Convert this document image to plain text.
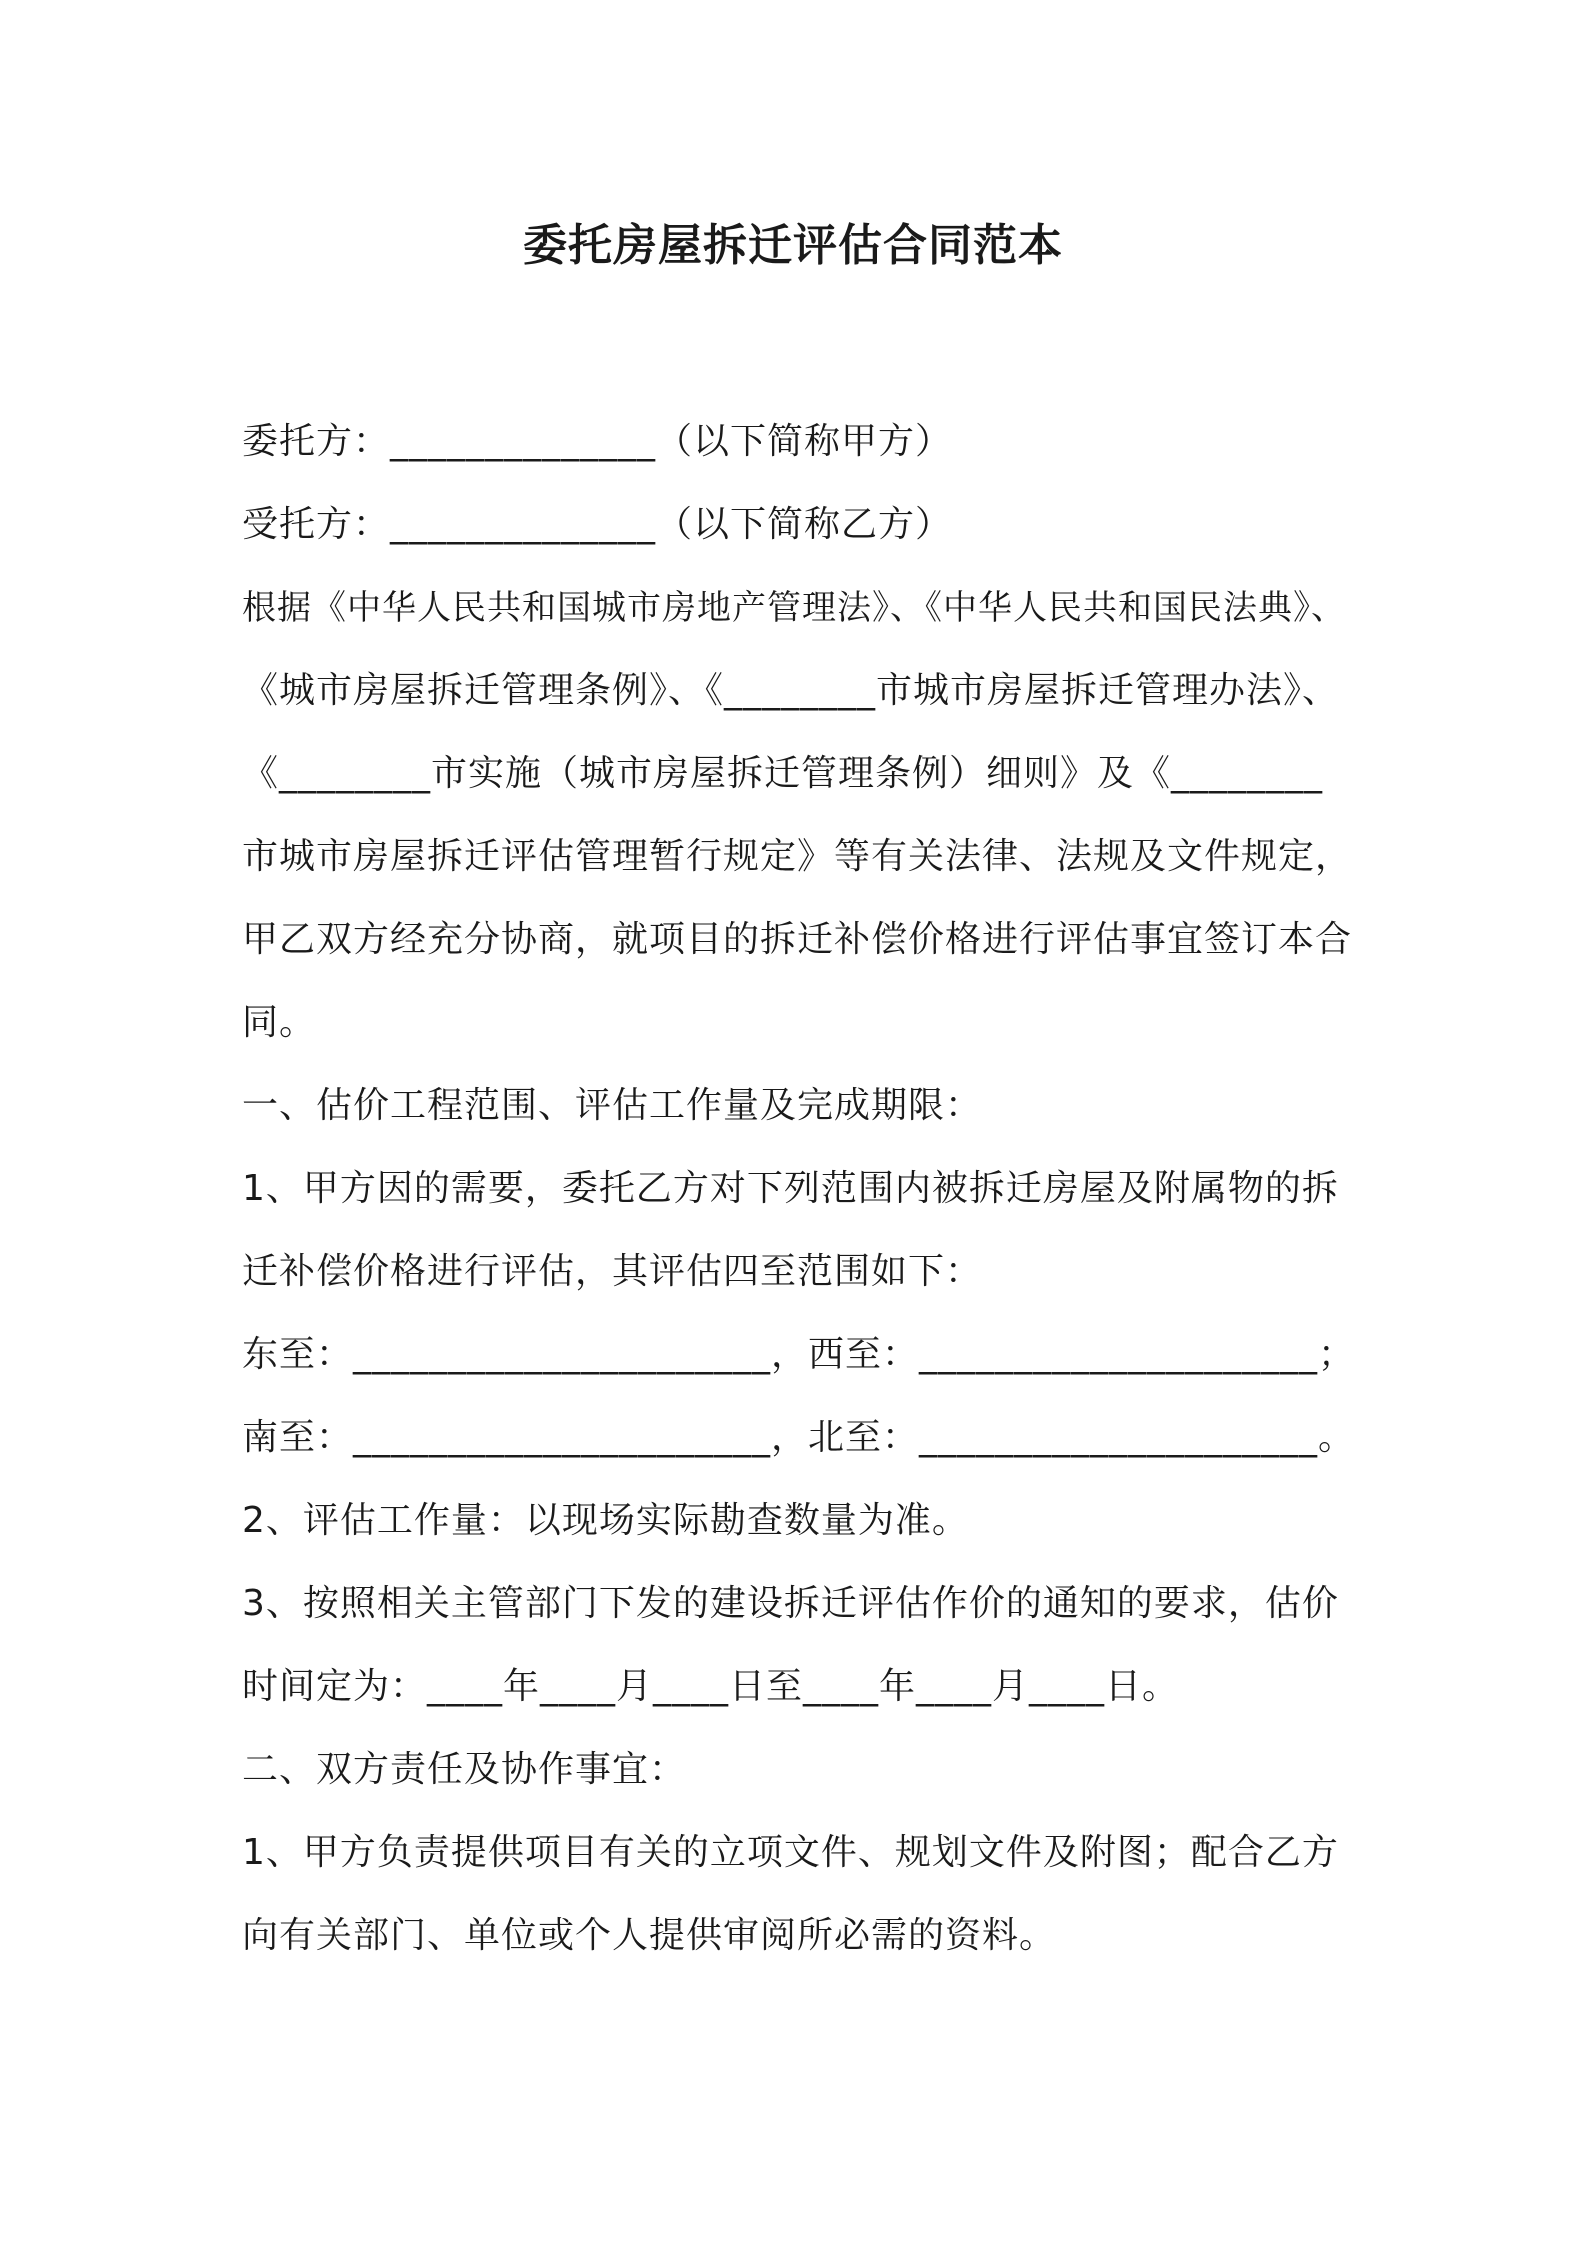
委托房屋拆迁评估合同范本

委托方：______________（以下简称甲方）

受托方：______________（以下简称乙方）

根据《中华人民共和国城市房地产管理法》、《中华人民共和国民法典》、

《城市房屋拆迁管理条例》、《________市城市房屋拆迁管理办法》、

《________市实施（城市房屋拆迁管理条例）细则》及《________

市城市房屋拆迁评估管理暂行规定》等有关法律、法规及文件规定，

甲乙双方经充分协商，就项目的拆迁补偿价格进行评估事宜签订本合

同。

一、估价工程范围、评估工作量及完成期限：

1、甲方因的需要，委托乙方对下列范围内被拆迁房屋及附属物的拆

迁补偿价格进行评估，其评估四至范围如下：

东至：______________________，西至：_____________________；

南至：______________________，北至：_____________________。

2、评估工作量：以现场实际勘查数量为准。

3、按照相关主管部门下发的建设拆迁评估作价的通知的要求，估价

时间定为：____年____月____日至____年____月____日。

二、双方责任及协作事宜：

1、甲方负责提供项目有关的立项文件、规划文件及附图；配合乙方

向有关部门、单位或个人提供审阅所必需的资料。
